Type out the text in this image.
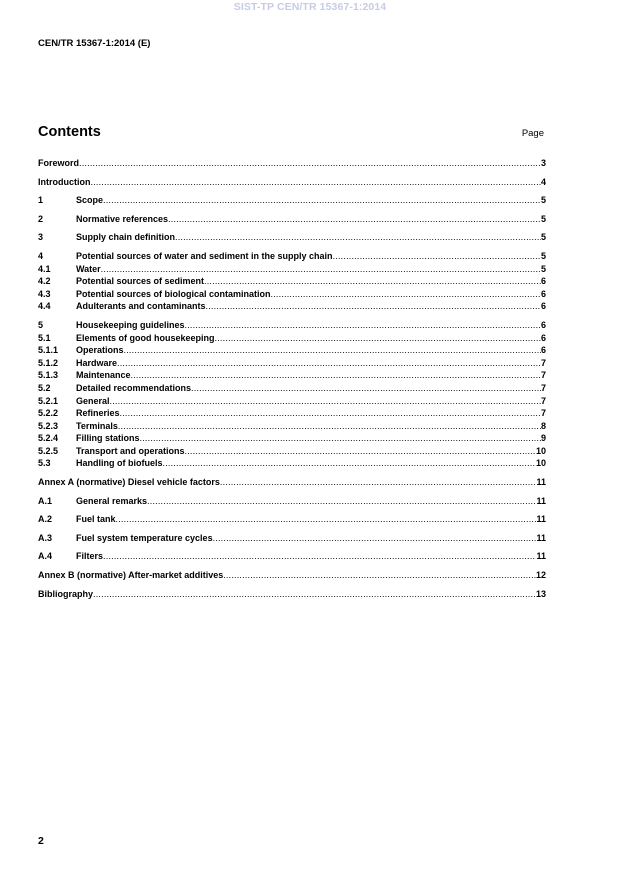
SIST-TP CEN/TR 15367-1:2014
CEN/TR 15367-1:2014 (E)
Contents	Page
Foreword .....	3
Introduction .....	4
1	Scope .....	5
2	Normative references .....	5
3	Supply chain definition .....	5
4	Potential sources of water and sediment in the supply chain .....	5
4.1	Water .....	5
4.2	Potential sources of sediment .....	6
4.3	Potential sources of biological contamination .....	6
4.4	Adulterants and contaminants .....	6
5	Housekeeping guidelines .....	6
5.1	Elements of good housekeeping .....	6
5.1.1	Operations .....	6
5.1.2	Hardware .....	7
5.1.3	Maintenance .....	7
5.2	Detailed recommendations .....	7
5.2.1	General .....	7
5.2.2	Refineries .....	7
5.2.3	Terminals .....	8
5.2.4	Filling stations .....	9
5.2.5	Transport and operations .....	10
5.3	Handling of biofuels .....	10
Annex A (normative) Diesel vehicle factors .....	11
A.1	General remarks .....	11
A.2	Fuel tank .....	11
A.3	Fuel system temperature cycles .....	11
A.4	Filters .....	11
Annex B (normative) After-market additives .....	12
Bibliography .....	13
2
